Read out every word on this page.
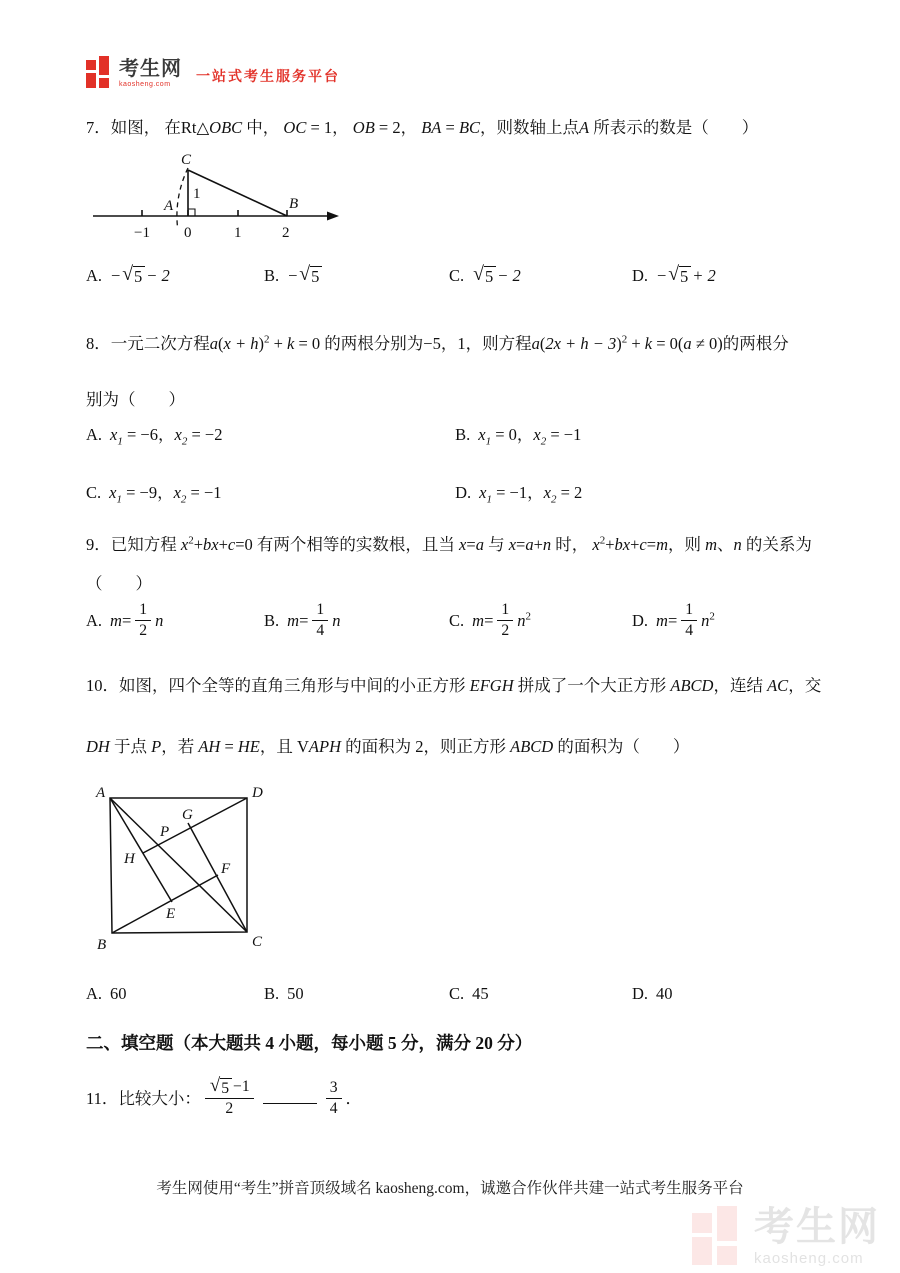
考生网
kaosheng.com
一站式考生服务平台
7．如图， 在Rt△OBC 中， OC = 1， OB = 2， BA = BC，则数轴上点A 所表示的数是（　　）
C
A	B
1
−1 0	1	2
A. − √ 5 − 2	B. − √ 5	C. √ 5 − 2	D. − √ 5 + 2
8．一元二次方程$a(x + h)^2 + k = 0$ 的两根分别为−5，1，则方程$a(2x + h - 3)^2 + k = 0(a \ne 0)$的两根分
别为（　　）
A. $x_1 = -6$，$x_2 = -2$	B. $x_1 = 0$，$x_2 = -1$
C. $x_1 = -9$，$x_2 = -1$	D. $x_1 = -1$，$x_2 = 2$
9．已知方程 $x^2+bx+c=0$ 有两个相等的实数根，且当 x=a 与 x=a+n 时， $x^2+bx+c=m$，则 m、n 的关系为
（　　）
A. $m= \frac{1}{2}$ n	B. $m= \frac{1}{4}$ n	C. $m= \frac{1}{2} n^2$	D. $m= \frac{1}{4} n^2$
10．如图，四个全等的直角三角形与中间的小正方形 EFGH 拼成了一个大正方形 ABCD，连结 AC，交
DH 于点 P，若 AH = HE，且 VAPH 的面积为 2，则正方形 ABCD 的面积为（　　）
A	D
B	C
G
P
H
F
E
A. 60	B. 50	C. 45	D. 40
二、填空题（本大题共 4 小题，每小题 5 分，满分 20 分）
11．比较大小： $\frac{√ 5 -1}{2}$	$\frac{3}{4}$ ．
考生网使用“考生”拼音顶级域名 kaosheng.com，诚邀合作伙伴共建一站式考生服务平台
考生网
kaosheng.com
